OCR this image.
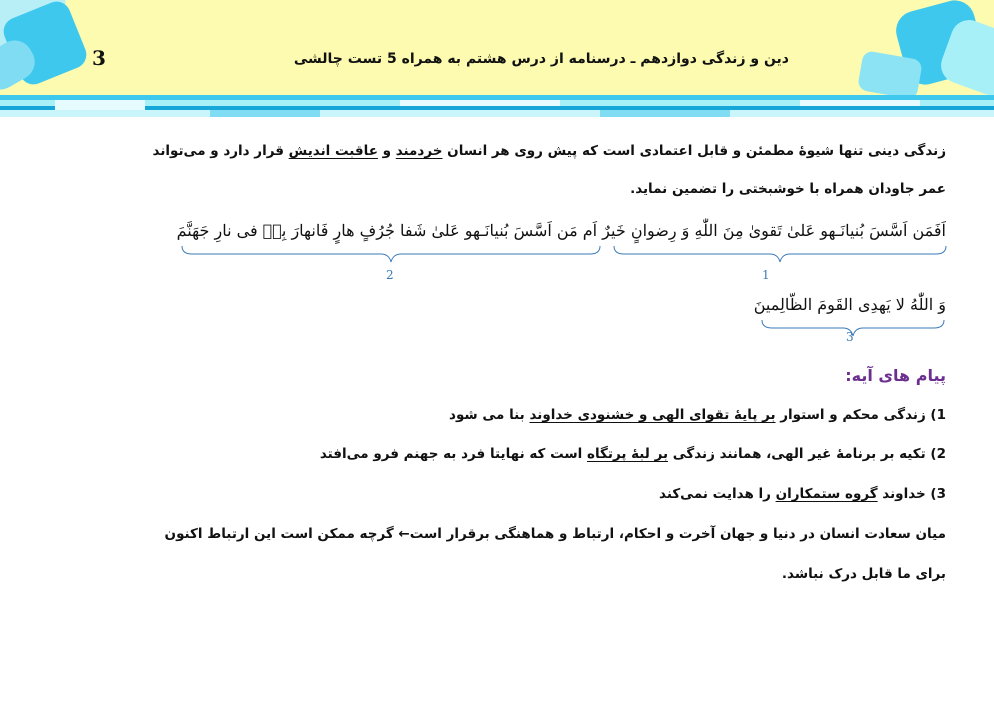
3	دین و زندگی دوازدهم ـ درسنامه از درس هشتم به همراه 5 تست چالشی
زندگی دینی تنها شیوۀ مطمئن و قابل اعتمادی است که پیش روی هر انسان خردمند و عاقبت اندیش قرار دارد و می‌تواند
عمر جاودان همراه با خوشبختی را تضمین نماید.
اَفَمَن اَسَّسَ بُنیانَـهو عَلیٰ تَقویٰ مِنَ اللّٰهِ وَ رِضوانٍ خَیرٌ اَم مَن اَسَّسَ بُنیانَـهو عَلیٰ شَفا جُرُفٍ هارٍ فَانهارَ بِهٖ فی نارِ جَهَنَّمَ
وَ اللّٰهُ لا یَهدِی القَومَ الظّالِمینَ
پیام های آیه:
1) زندگی محکم و استوار بر پایۀ تقوای الهی و خشنودی خداوند بنا می شود
2) تکیه بر برنامۀ غیر الهی، همانند زندگی بر لبۀ پرتگاه است که نهایتا فرد به جهنم فرو می‌افتد
3) خداوند گروه ستمکاران را هدایت نمی‌کند
میان سعادت انسان در دنیا و جهان آخرت و احکام، ارتباط و هماهنگی برقرار است← گرچه ممکن است این ارتباط اکنون
برای ما قابل درک نباشد.
1
2
3
